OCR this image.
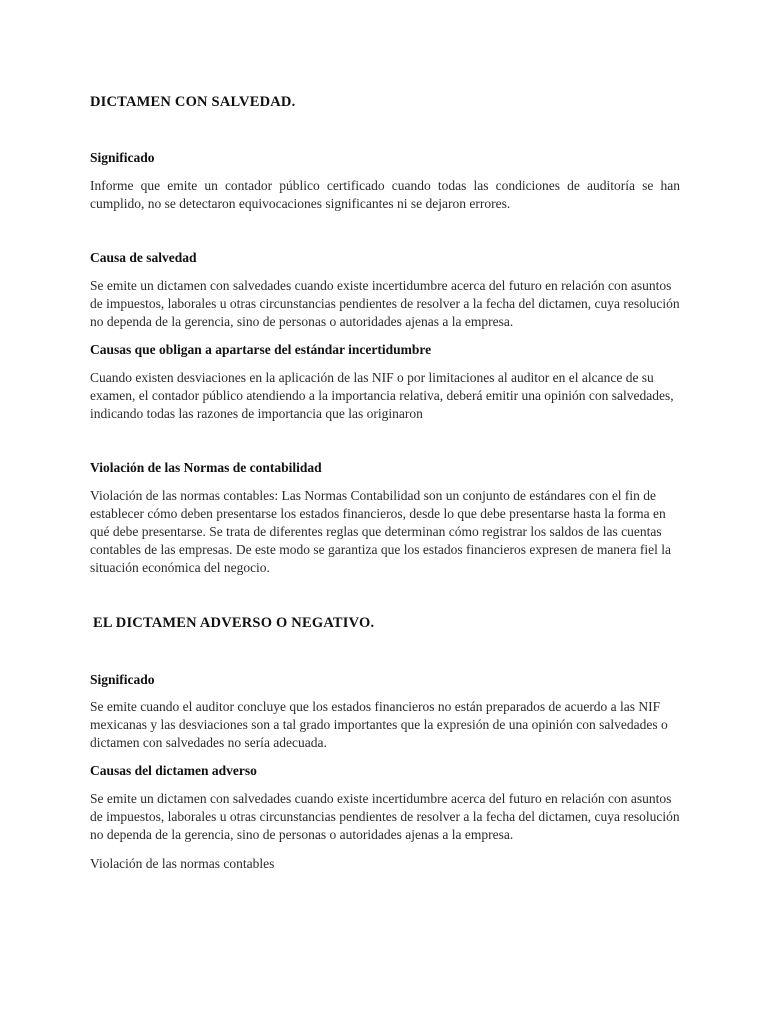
DICTAMEN CON SALVEDAD.
Significado

Informe que emite un contador público certificado cuando todas las condiciones de auditoría se han cumplido, no se detectaron equivocaciones significantes ni se dejaron errores.

Causa de salvedad

Se emite un dictamen con salvedades cuando existe incertidumbre acerca del futuro en relación con asuntos de impuestos, laborales u otras circunstancias pendientes de resolver a la fecha del dictamen, cuya resolución no dependa de la gerencia, sino de personas o autoridades ajenas a la empresa.

Causas que obligan a apartarse del estándar incertidumbre

Cuando existen desviaciones en la aplicación de las NIF o por limitaciones al auditor en el alcance de su examen, el contador público atendiendo a la importancia relativa, deberá emitir una opinión con salvedades, indicando todas las razones de importancia que las originaron

Violación de las Normas de contabilidad

Violación de las normas contables: Las Normas Contabilidad son un conjunto de estándares con el fin de establecer cómo deben presentarse los estados financieros, desde lo que debe presentarse hasta la forma en qué debe presentarse. Se trata de diferentes reglas que determinan cómo registrar los saldos de las cuentas contables de las empresas. De este modo se garantiza que los estados financieros expresen de manera fiel la situación económica del negocio.

EL DICTAMEN ADVERSO O NEGATIVO.
Significado

Se emite cuando el auditor concluye que los estados financieros no están preparados de acuerdo a las NIF mexicanas y las desviaciones son a tal grado importantes que la expresión de una opinión con salvedades o dictamen con salvedades no sería adecuada.

Causas del dictamen adverso

Se emite un dictamen con salvedades cuando existe incertidumbre acerca del futuro en relación con asuntos de impuestos, laborales u otras circunstancias pendientes de resolver a la fecha del dictamen, cuya resolución no dependa de la gerencia, sino de personas o autoridades ajenas a la empresa.

Violación de las normas contables
